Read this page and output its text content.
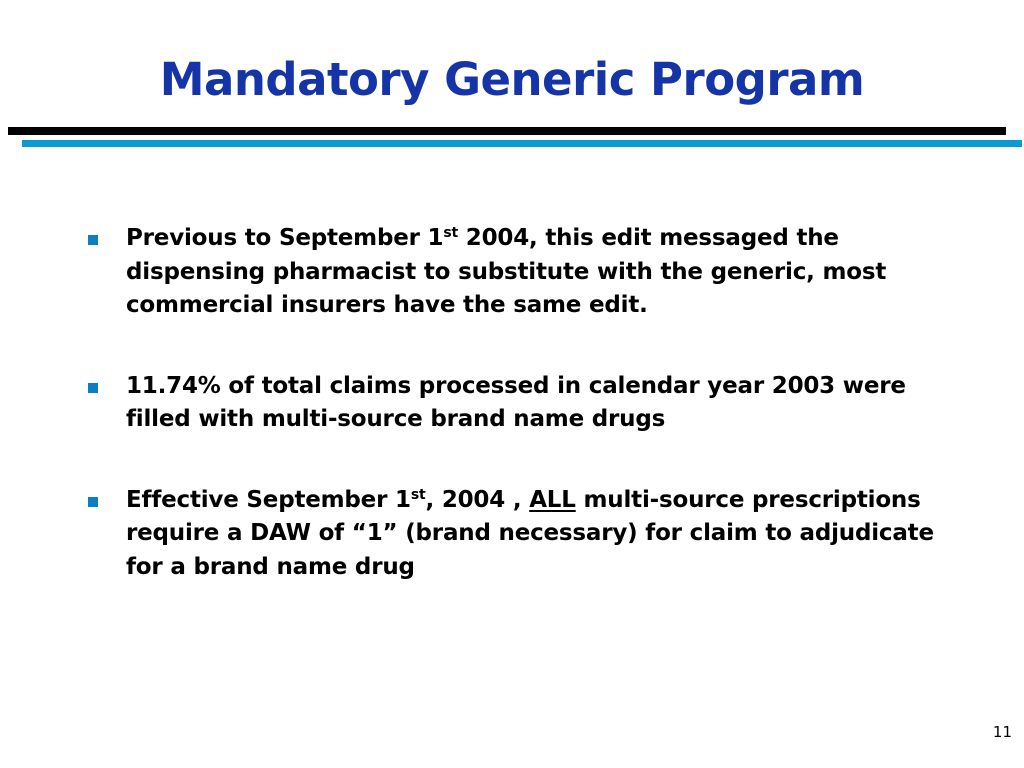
Mandatory Generic Program
Previous to September 1st 2004, this edit messaged the dispensing pharmacist to substitute with the generic, most commercial insurers have the same edit.
11.74% of total claims processed in calendar year 2003 were filled with multi-source brand name drugs
Effective September 1st, 2004 , ALL multi-source prescriptions require a DAW of “1” (brand necessary) for claim to adjudicate for a brand name drug
11
